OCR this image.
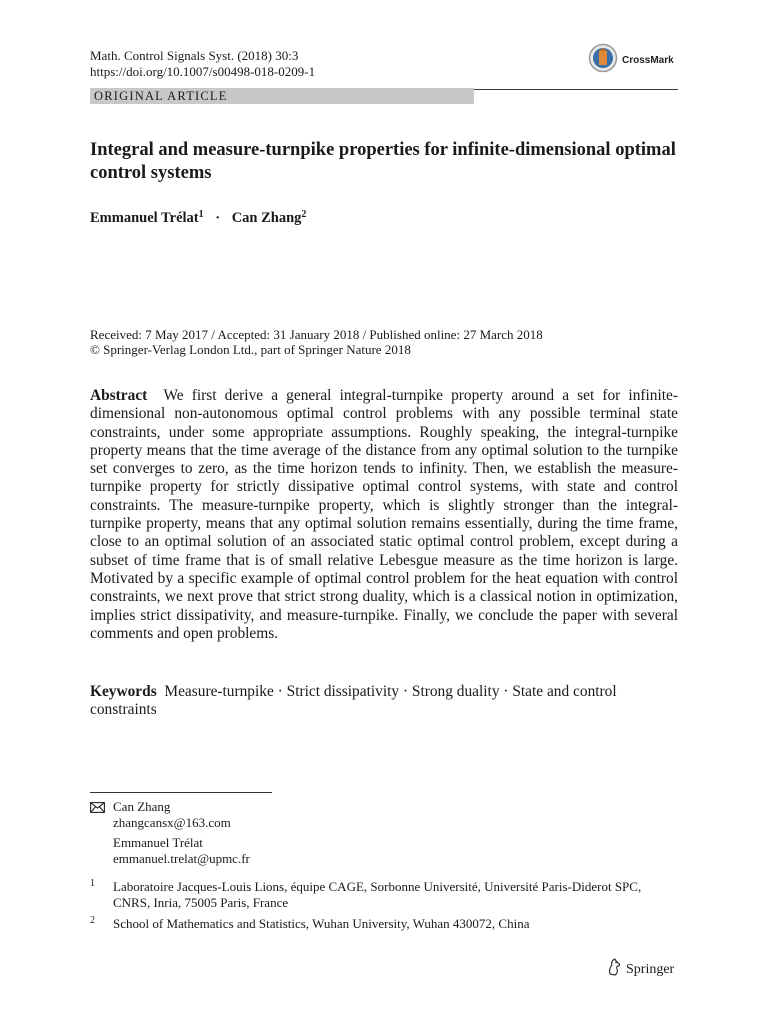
Math. Control Signals Syst. (2018) 30:3
https://doi.org/10.1007/s00498-018-0209-1
CrossMark
ORIGINAL ARTICLE
Integral and measure-turnpike properties for infinite-dimensional optimal control systems
Emmanuel Trélat$^1$ · Can Zhang$^2$
Received: 7 May 2017 / Accepted: 31 January 2018 / Published online: 27 March 2018
© Springer-Verlag London Ltd., part of Springer Nature 2018

Abstract We first derive a general integral-turnpike property around a set for infinite-dimensional non-autonomous optimal control problems with any possible terminal state constraints, under some appropriate assumptions. Roughly speaking, the integral-turnpike property means that the time average of the distance from any optimal solution to the turnpike set converges to zero, as the time horizon tends to infinity. Then, we establish the measure-turnpike property for strictly dissipative optimal control systems, with state and control constraints. The measure-turnpike property, which is slightly stronger than the integral-turnpike property, means that any optimal solution remains essentially, during the time frame, close to an optimal solution of an associated static optimal control problem, except during a subset of time frame that is of small relative Lebesgue measure as the time horizon is large. Motivated by a specific example of optimal control problem for the heat equation with control constraints, we next prove that strict strong duality, which is a classical notion in optimization, implies strict dissipativity, and measure-turnpike. Finally, we conclude the paper with several comments and open problems.

Keywords Measure-turnpike · Strict dissipativity · Strong duality · State and control constraints

Can Zhang
zhangcansx@163.com
Emmanuel Trélat
emmanuel.trelat@upmc.fr
1 Laboratoire Jacques-Louis Lions, équipe CAGE, Sorbonne Université, Université Paris-Diderot SPC, CNRS, Inria, 75005 Paris, France
2 School of Mathematics and Statistics, Wuhan University, Wuhan 430072, China
Springer
